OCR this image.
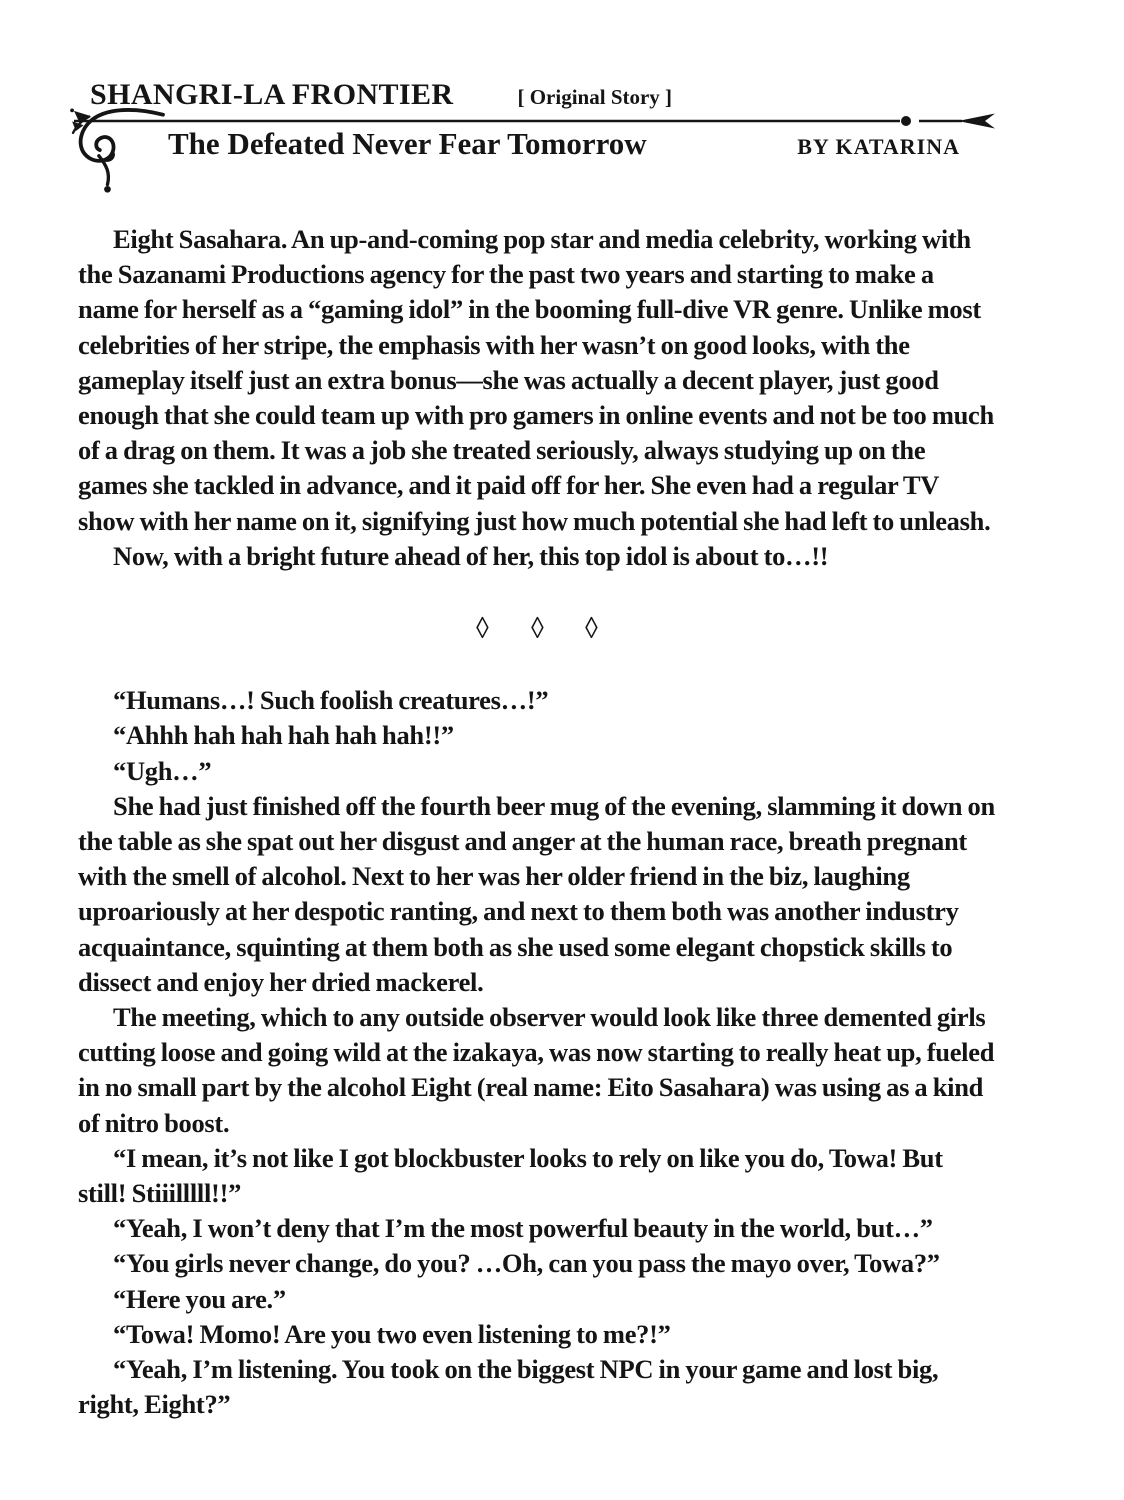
SHANGRI-LA FRONTIER	[ Original Story ]
The Defeated Never Fear Tomorrow	BY KATARINA

Eight Sasahara. An up-and-coming pop star and media celebrity, working with the Sazanami Productions agency for the past two years and starting to make a name for herself as a “gaming idol” in the booming full-dive VR genre. Unlike most celebrities of her stripe, the emphasis with her wasn’t on good looks, with the gameplay itself just an extra bonus—she was actually a decent player, just good enough that she could team up with pro gamers in online events and not be too much of a drag on them. It was a job she treated seriously, always studying up on the games she tackled in advance, and it paid off for her. She even had a regular TV show with her name on it, signifying just how much potential she had left to unleash.

Now, with a bright future ahead of her, this top idol is about to…!!

◊ ◊ ◊

“Humans…! Such foolish creatures…!”

“Ahhh hah hah hah hah hah!!”

“Ugh…”

She had just finished off the fourth beer mug of the evening, slamming it down on the table as she spat out her disgust and anger at the human race, breath pregnant with the smell of alcohol. Next to her was her older friend in the biz, laughing uproariously at her despotic ranting, and next to them both was another industry acquaintance, squinting at them both as she used some elegant chopstick skills to dissect and enjoy her dried mackerel.

The meeting, which to any outside observer would look like three demented girls cutting loose and going wild at the izakaya, was now starting to really heat up, fueled in no small part by the alcohol Eight (real name: Eito Sasahara) was using as a kind of nitro boost.

“I mean, it’s not like I got blockbuster looks to rely on like you do, Towa! But still! Stiiilllll!!”

“Yeah, I won’t deny that I’m the most powerful beauty in the world, but…”

“You girls never change, do you? …Oh, can you pass the mayo over, Towa?”

“Here you are.”

“Towa! Momo! Are you two even listening to me?!”

“Yeah, I’m listening. You took on the biggest NPC in your game and lost big, right, Eight?”
